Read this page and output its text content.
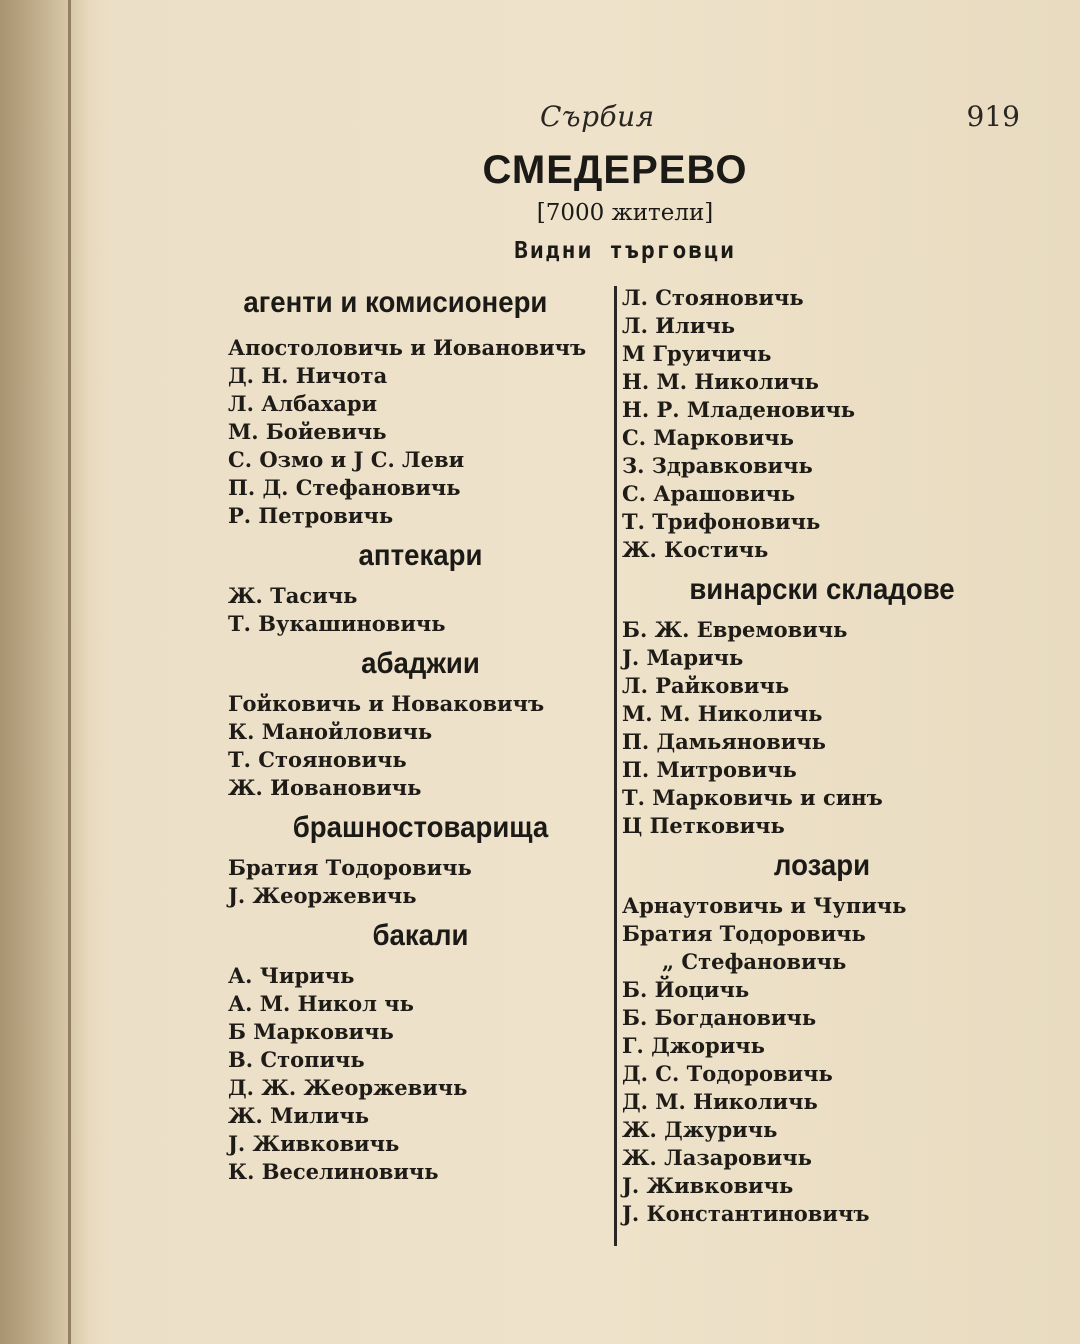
Сърбия	919
СМЕДЕРЕВО
[7000 жители]
Видни търговци
агенти и комисионери
Апостоловичь и Иовановичъ
Д. Н. Ничота
Л. Албахари
М. Бойевичь
С. Озмо и Ј С. Леви
П. Д. Стефановичь
Р. Петровичь
аптекари
Ж. Тасичь
Т. Вукашиновичь
абаджии
Гойковичь и Новаковичъ
К. Манойловичь
Т. Стояновичь
Ж. Иовановичь
брашностоварища
Братия Тодоровичь
Ј. Жеоржевичь
бакали
А. Чиричь
А. М. Никол чь
Б Марковичь
В. Стопичь
Д. Ж. Жеоржевичь
Ж. Миличь
Ј. Живковичь
К. Веселиновичь
Л. Стояновичь
Л. Иличь
М Груичичь
Н. М. Николичь
Н. Р. Младеновичь
С. Марковичь
З. Здравковичь
С. Арашовичь
Т. Трифоновичь
Ж. Костичь
винарски складове
Б. Ж. Евремовичь
Ј. Маричь
Л. Райковичь
М. М. Николичь
П. Дамьяновичь
П. Митровичь
Т. Марковичь и синъ
Ц Петковичь
лозари
Арнаутовичь и Чупичь
Братия Тодоровичь
„ Стефановичь
Б. Йоцичь
Б. Богдановичь
Г. Джоричь
Д. С. Тодоровичь
Д. М. Николичь
Ж. Джуричь
Ж. Лазаровичь
Ј. Живковичь
Ј. Константиновичъ
